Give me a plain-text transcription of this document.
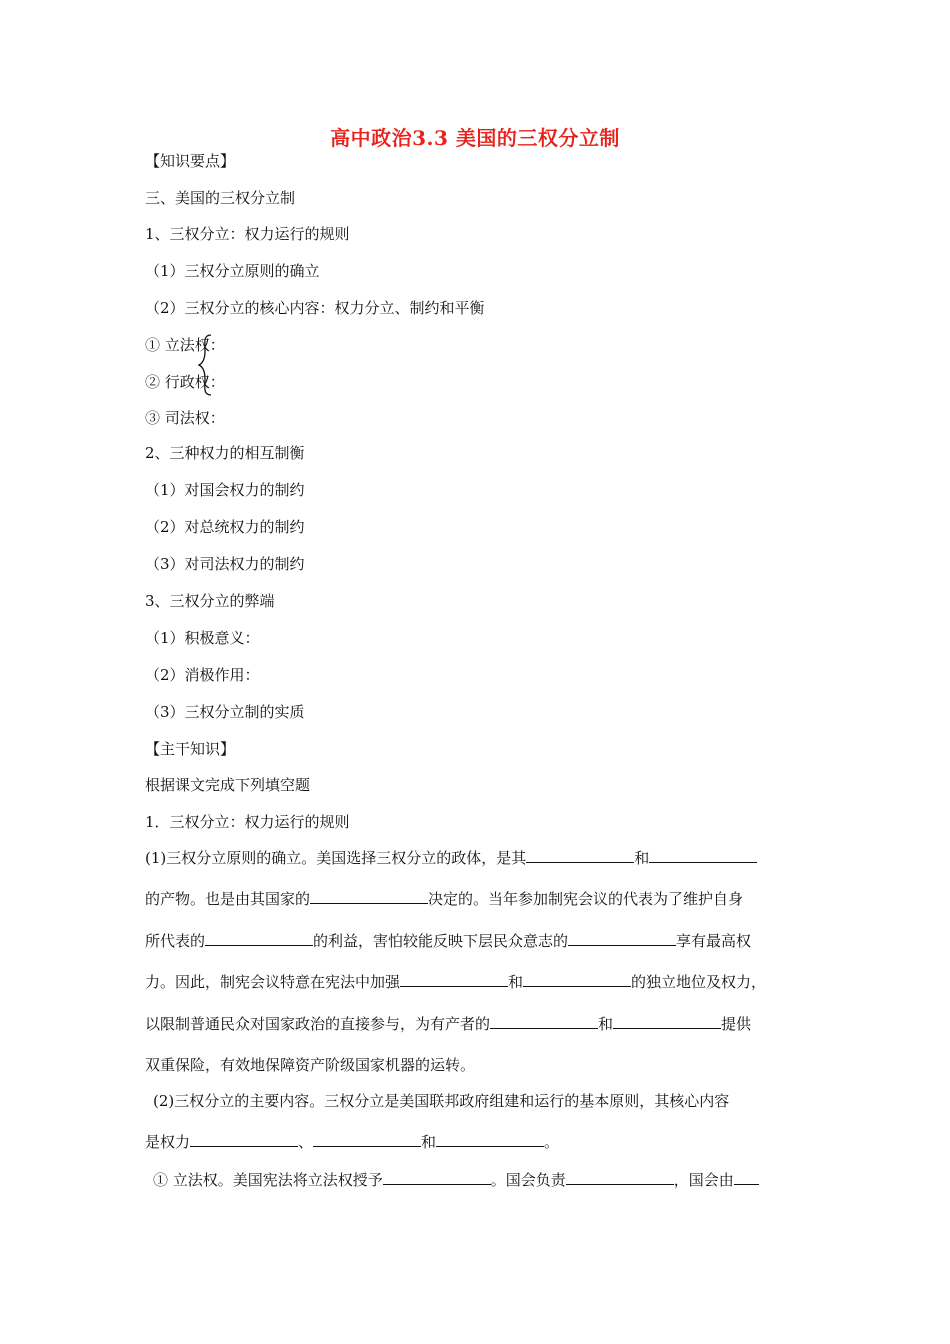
高中政治3.3 美国的三权分立制
【知识要点】
三、美国的三权分立制
1、三权分立：权力运行的规则
（1）三权分立原则的确立
（2）三权分立的核心内容：权力分立、制约和平衡
① 立法权：
② 行政权：
③ 司法权：
2、三种权力的相互制衡
（1）对国会权力的制约
（2）对总统权力的制约
（3）对司法权力的制约
3、三权分立的弊端
（1）积极意义：
（2）消极作用：
（3）三权分立制的实质
【主干知识】
根据课文完成下列填空题
1．三权分立：权力运行的规则
(1)三权分立原则的确立。美国选择三权分立的政体，是其	和
的产物。也是由其国家的	决定的。当年参加制宪会议的代表为了维护自身
所代表的	的利益，害怕较能反映下层民众意志的	享有最高权
力。因此，制宪会议特意在宪法中加强	和	的独立地位及权力，
以限制普通民众对国家政治的直接参与，为有产者的	和	提供
双重保险，有效地保障资产阶级国家机器的运转。
(2)三权分立的主要内容。三权分立是美国联邦政府组建和运行的基本原则，其核心内容
是权力	、	和	。
① 立法权。美国宪法将立法权授予	。国会负责	，国会由
